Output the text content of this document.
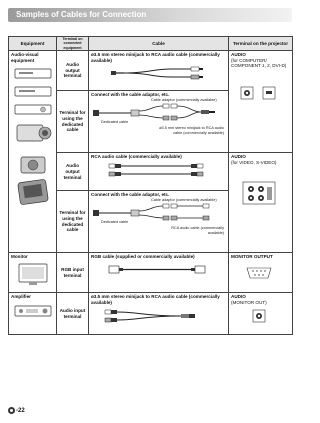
Samples of Cables for Connection
Equipment	Terminal on connected equipment	Cable	Terminal on the projector

Audio-visual equipment	Audio output terminal	ø3.5 mm stereo minijack to RCA audio cable (commercially available)	AUDIO
(for COMPUTER/ COMPONENT 1, 2, DVI-D)

	Terminal for using the dedicated cable	Connect with the cable adaptor, etc.
Cable adaptor (commercially available)
Dedicated cable
ø3.5 mm stereo minijack to RCA audio cable (commercially available)	

	Audio output terminal	RCA audio cable (commercially available)	AUDIO
(for VIDEO, S-VIDEO)

	Terminal for using the dedicated cable	Connect with the cable adaptor, etc.
Cable adaptor (commercially available)
Dedicated cable
RCA audio cable (commercially available)	

Monitor	RGB input terminal	RGB cable (supplied or commercially available)	MONITOR OUTPUT

Amplifier	Audio input terminal	ø3.5 mm stereo minijack to RCA audio cable (commercially available)	AUDIO
(MONITOR OUT)
-22
